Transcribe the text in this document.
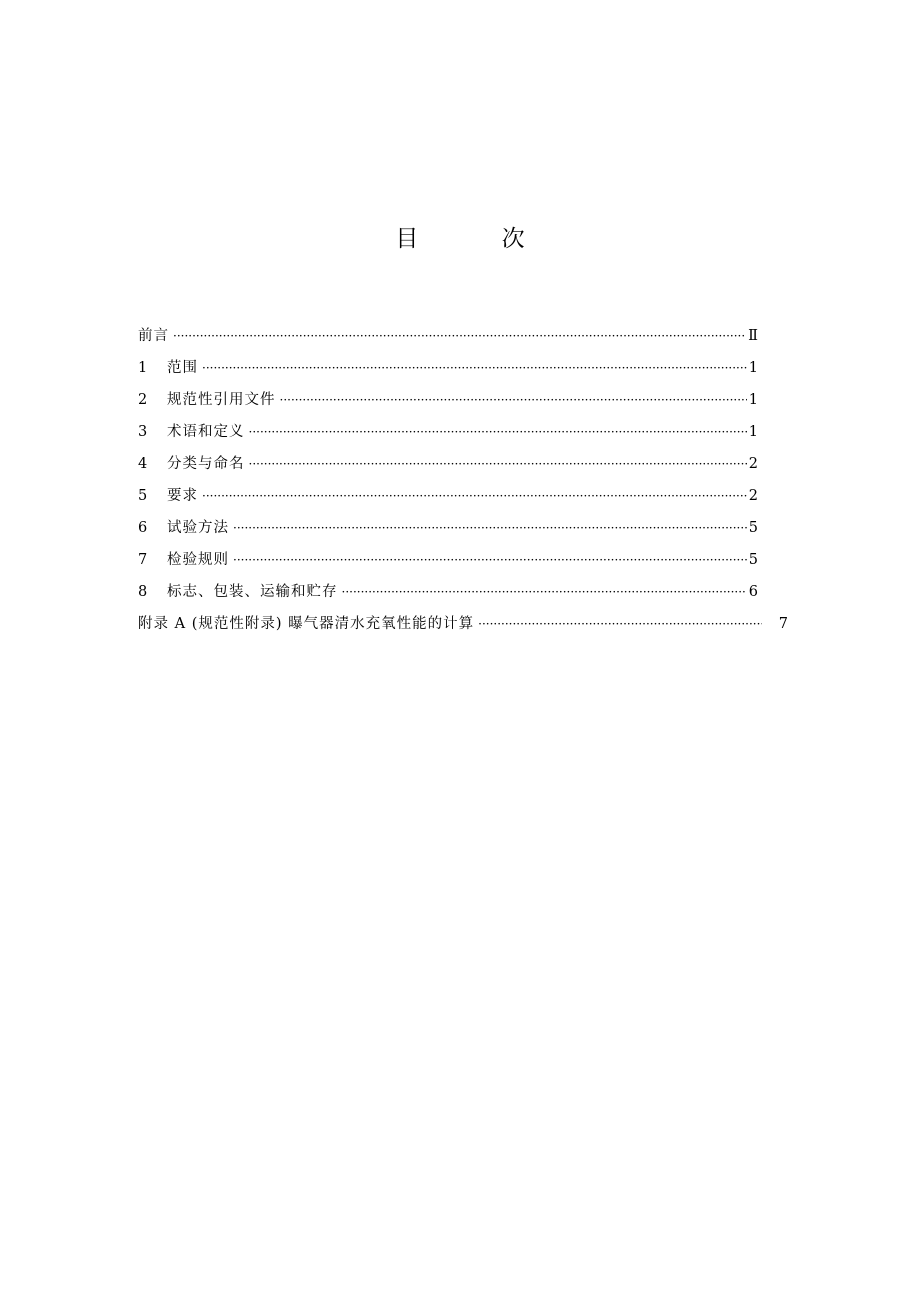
目 次
前言 ·····	Ⅱ
1	范围 ·····	1
2	规范性引用文件 ·····	1
3	术语和定义 ·····	1
4	分类与命名 ·····	2
5	要求 ·····	2
6	试验方法 ·····	5
7	检验规则 ·····	5
8	标志、包装、运输和贮存 ·····	6
附录 A (规范性附录) 曝气器清水充氧性能的计算 ·····	7
